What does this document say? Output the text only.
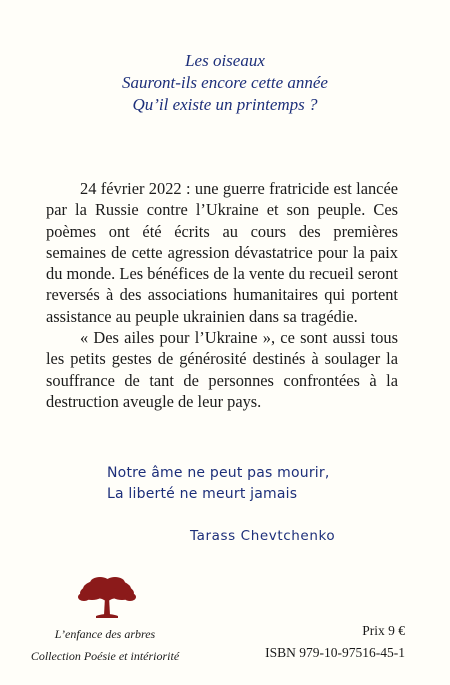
Les oiseaux
Sauront-ils encore cette année
Qu’il existe un printemps ?

24 février 2022 : une guerre fratricide est lancée par la Russie contre l’Ukraine et son peuple. Ces poèmes ont été écrits au cours des premières semaines de cette agression dévastatrice pour la paix du monde. Les bénéfices de la vente du recueil seront reversés à des associations humanitaires qui portent assistance au peuple ukrainien dans sa tragédie.

« Des ailes pour l’Ukraine », ce sont aussi tous les petits gestes de générosité destinés à soulager la souffrance de tant de personnes confrontées à la destruction aveugle de leur pays.

Notre âme ne peut pas mourir,
La liberté ne meurt jamais
Tarass Chevtchenko
L’enfance des arbres
Collection Poésie et intériorité
Prix 9 €
ISBN 979-10-97516-45-1
